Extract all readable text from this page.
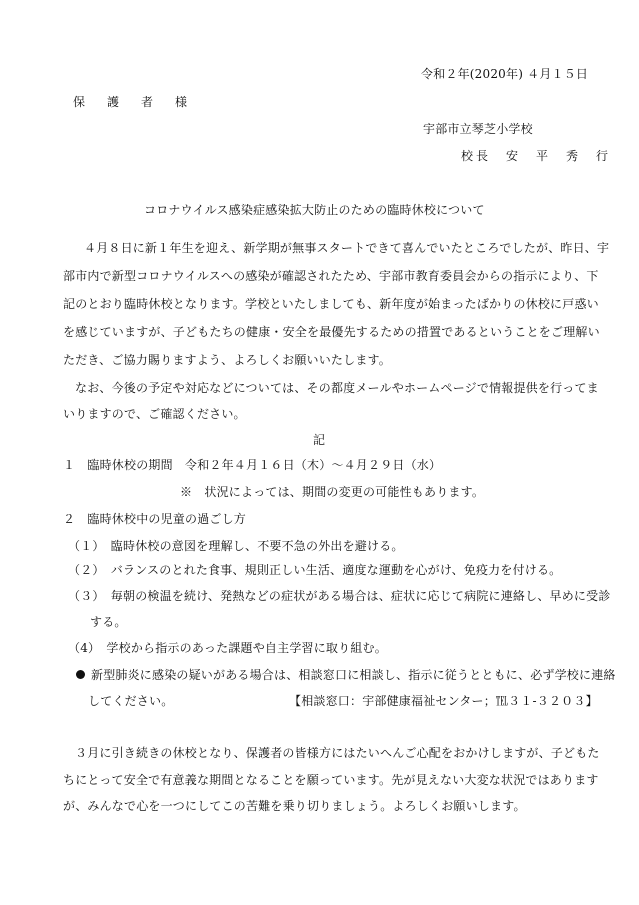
令和２年(2020年) ４月１５日
保　護　者　様
宇部市立琴芝小学校
校長　安　平　秀　行
コロナウイルス感染症感染拡大防止のための臨時休校について
４月８日に新１年生を迎え、新学期が無事スタートできて喜んでいたところでしたが、昨日、宇
部市内で新型コロナウイルスへの感染が確認されたため、宇部市教育委員会からの指示により、下
記のとおり臨時休校となります。学校といたしましても、新年度が始まったばかりの休校に戸惑い
を感じていますが、子どもたちの健康・安全を最優先するための措置であるということをご理解い
ただき、ご協力賜りますよう、よろしくお願いいたします。
なお、今後の予定や対応などについては、その都度メールやホームページで情報提供を行ってま
いりますので、ご確認ください。
記
１　臨時休校の期間　令和２年４月１６日（木）～４月２９日（水）
※　状況によっては、期間の変更の可能性もあります。
２　臨時休校中の児童の過ごし方
（１）　臨時休校の意図を理解し、不要不急の外出を避ける。
（２）　バランスのとれた食事、規則正しい生活、適度な運動を心がけ、免疫力を付ける。
（３）　毎朝の検温を続け、発熱などの症状がある場合は、症状に応じて病院に連絡し、早めに受診
する。
（4）　学校から指示のあった課題や自主学習に取り組む。
新型肺炎に感染の疑いがある場合は、相談窓口に相談し、指示に従うとともに、必ず学校に連絡
してください。	【相談窓口：宇部健康福祉センター；℡３１-３２０３】
３月に引き続きの休校となり、保護者の皆様方にはたいへんご心配をおかけしますが、子どもた
ちにとって安全で有意義な期間となることを願っています。先が見えない大変な状況ではあります
が、みんなで心を一つにしてこの苦難を乗り切りましょう。よろしくお願いします。
